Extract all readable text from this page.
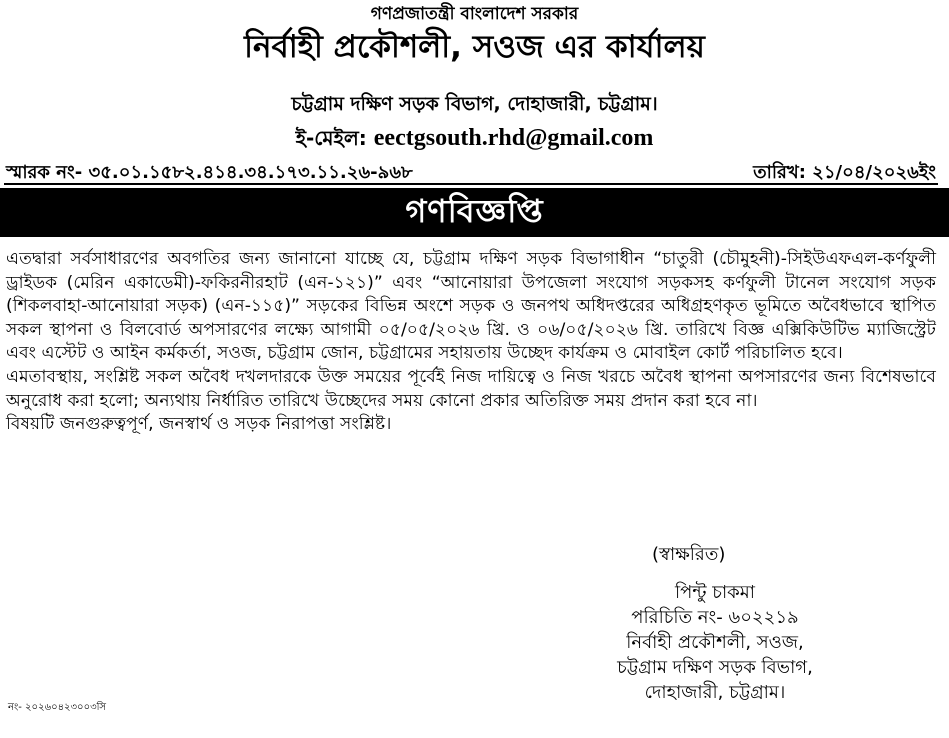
গণপ্রজাতন্ত্রী বাংলাদেশ সরকার
নির্বাহী প্রকৌশলী, সওজ এর কার্যালয়
চট্টগ্রাম দক্ষিণ সড়ক বিভাগ, দোহাজারী, চট্টগ্রাম।
ই-মেইল: eectgsouth.rhd@gmail.com
স্মারক নং- ৩৫.০১.১৫৮২.৪১৪.৩৪.১৭৩.১১.২৬-৯৬৮	তারিখ: ২১/০৪/২০২৬ইং
গণবিজ্ঞপ্তি

এতদ্বারা সর্বসাধারণের অবগতির জন্য জানানো যাচ্ছে যে, চট্টগ্রাম দক্ষিণ সড়ক বিভাগাধীন “চাতুরী (চৌমুহনী)-সিইউএফএল-কর্ণফুলী ড্রাইডক (মেরিন একাডেমী)-ফকিরনীরহাট (এন-১২১)” এবং “আনোয়ারা উপজেলা সংযোগ সড়কসহ কর্ণফুলী টানেল সংযোগ সড়ক (শিকলবাহা-আনোয়ারা সড়ক) (এন-১১৫)” সড়কের বিভিন্ন অংশে সড়ক ও জনপথ অধিদপ্তরের অধিগ্রহণকৃত ভূমিতে অবৈধভাবে স্থাপিত সকল স্থাপনা ও বিলবোর্ড অপসারণের লক্ষ্যে আগামী ০৫/০৫/২০২৬ খ্রি. ও ০৬/০৫/২০২৬ খ্রি. তারিখে বিজ্ঞ এক্সিকিউটিভ ম্যাজিস্ট্রেট এবং এস্টেট ও আইন কর্মকর্তা, সওজ, চট্টগ্রাম জোন, চট্টগ্রামের সহায়তায় উচ্ছেদ কার্যক্রম ও মোবাইল কোর্ট পরিচালিত হবে।

এমতাবস্থায়, সংশ্লিষ্ট সকল অবৈধ দখলদারকে উক্ত সময়ের পূর্বেই নিজ দায়িত্বে ও নিজ খরচে অবৈধ স্থাপনা অপসারণের জন্য বিশেষভাবে অনুরোধ করা হলো; অন্যথায় নির্ধারিত তারিখে উচ্ছেদের সময় কোনো প্রকার অতিরিক্ত সময় প্রদান করা হবে না।

বিষয়টি জনগুরুত্বপূর্ণ, জনস্বার্থ ও সড়ক নিরাপত্তা সংশ্লিষ্ট।

(স্বাক্ষরিত)
পিন্টু চাকমা
পরিচিতি নং- ৬০২২১৯
নির্বাহী প্রকৌশলী, সওজ,
চট্টগ্রাম দক্ষিণ সড়ক বিভাগ,
দোহাজারী, চট্টগ্রাম।
নং- ২০২৬০৪২৩০০৩সি
